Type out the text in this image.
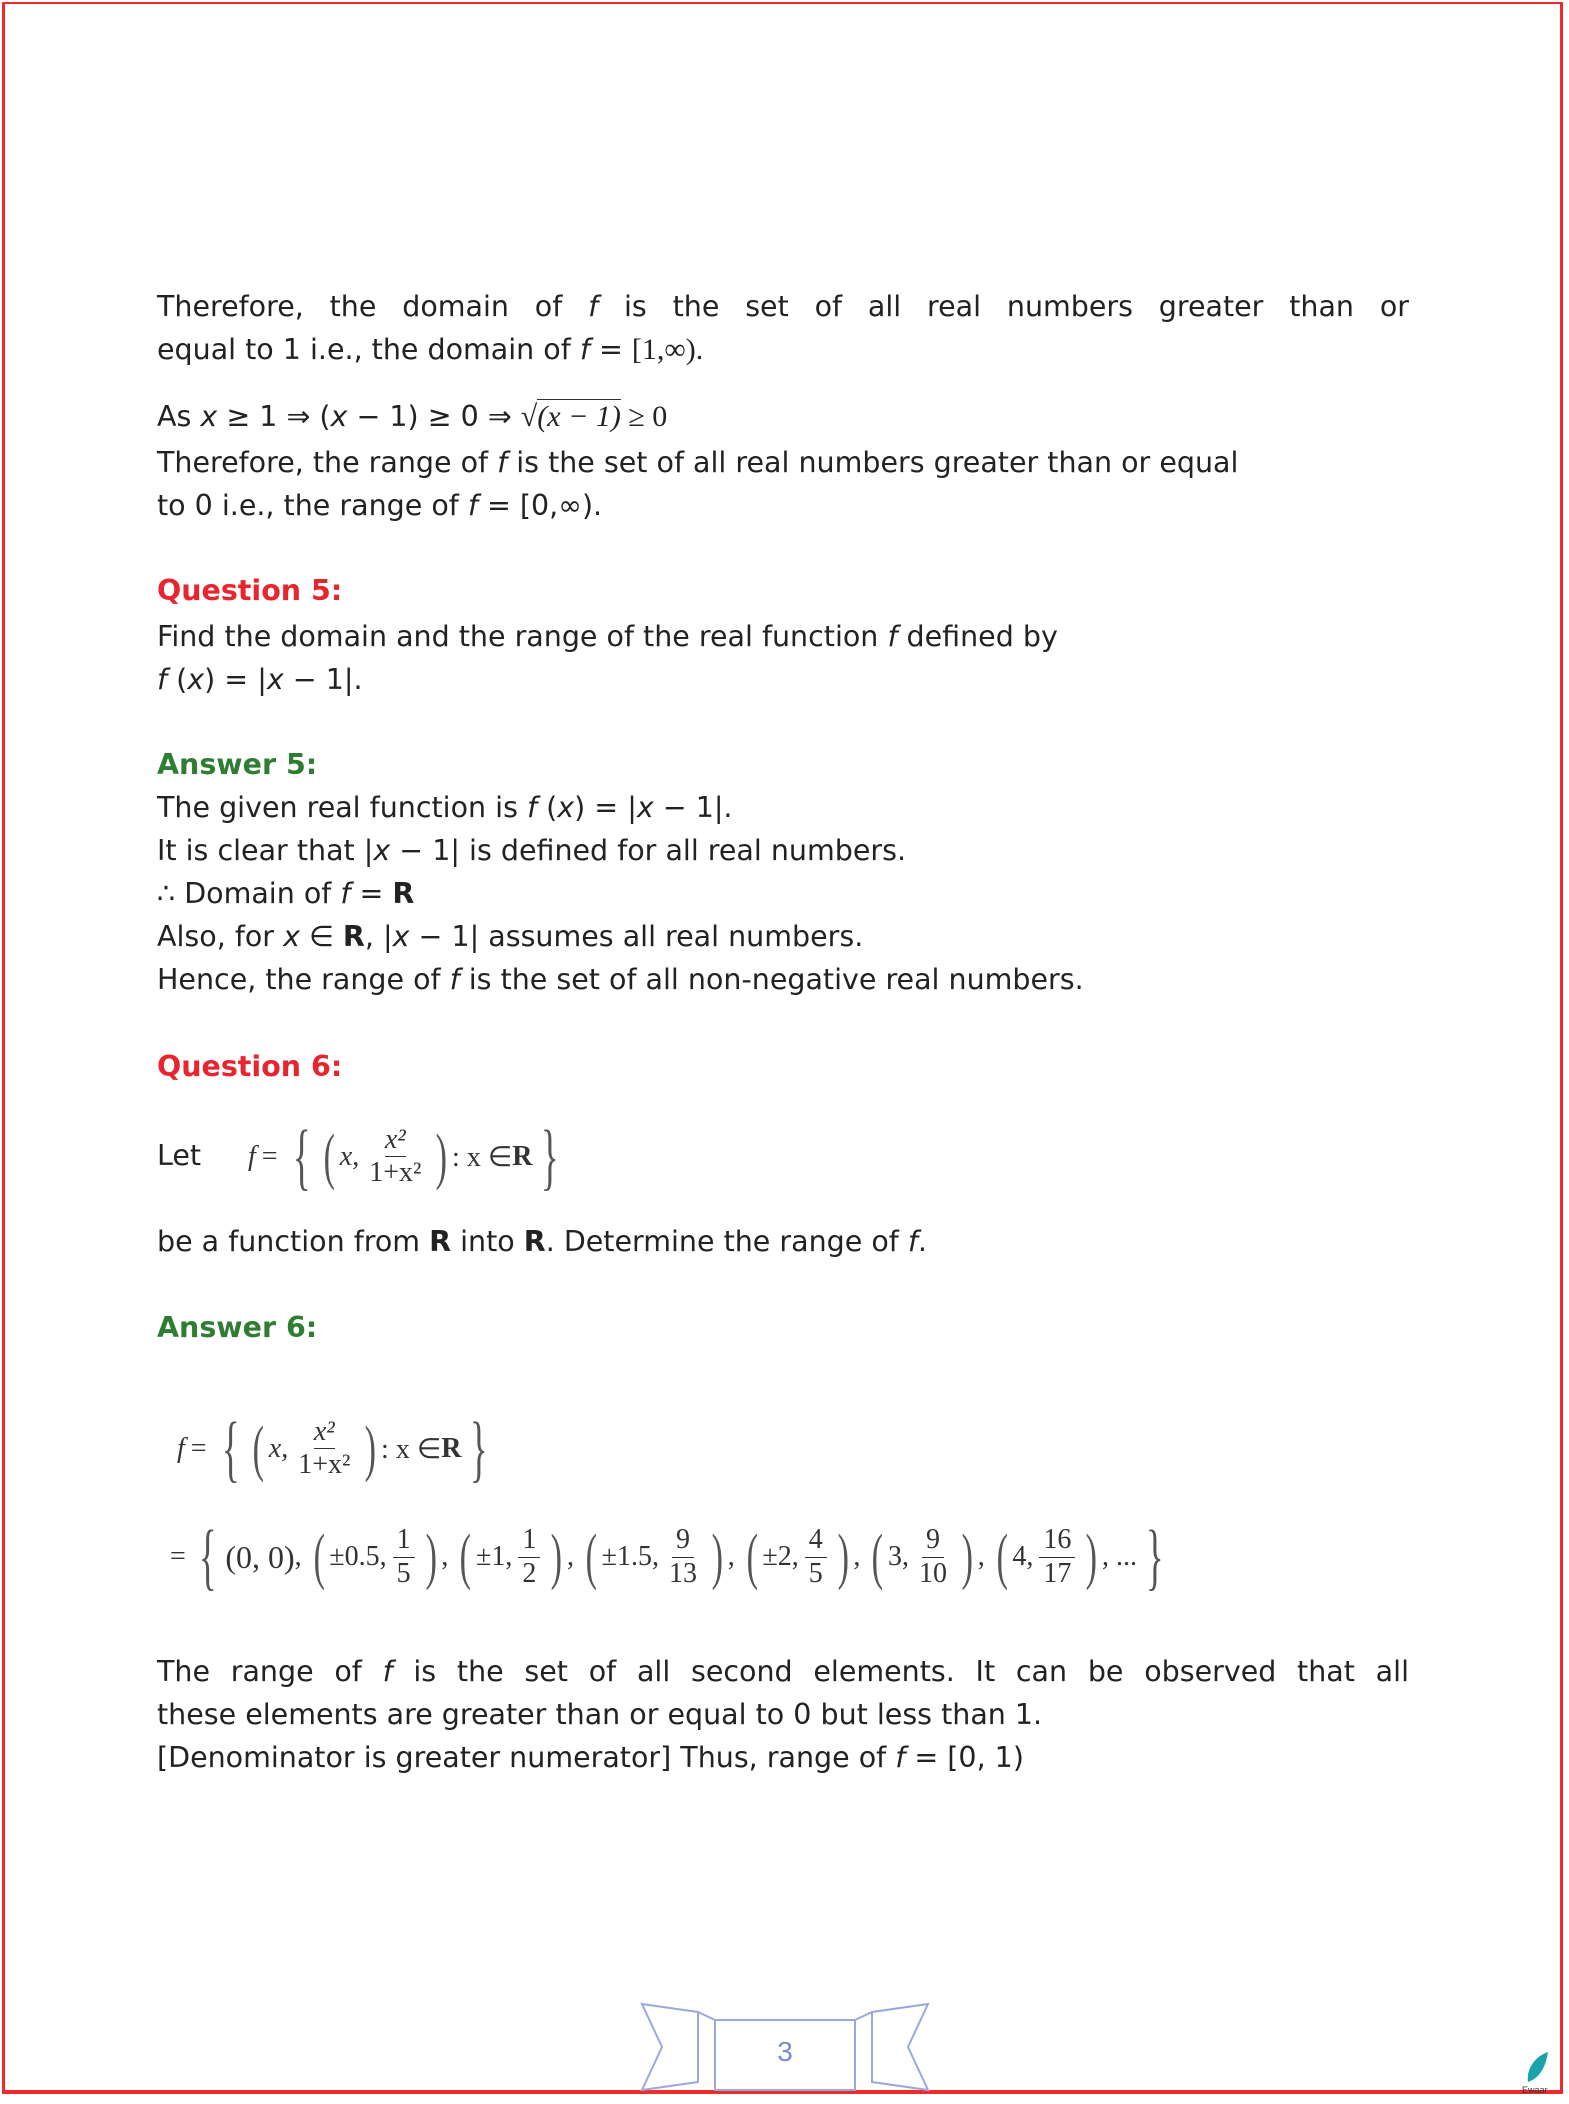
Therefore, the domain of f is the set of all real numbers greater than or
equal to 1 i.e., the domain of f = [1,∞).
As x ≥ 1 ⇒ (x − 1) ≥ 0 ⇒ √(x − 1) ≥ 0
Therefore, the range of f is the set of all real numbers greater than or equal
to 0 i.e., the range of f = [0,∞).
Question 5:
Find the domain and the range of the real function f defined by
f (x) = |x − 1|.
Answer 5:
The given real function is f (x) = |x − 1|.
It is clear that |x − 1| is defined for all real numbers.
∴ Domain of f = R
Also, for x ∈ R, |x − 1| assumes all real numbers.
Hence, the range of f is the set of all non-negative real numbers.
Question 6:
Let f = { ( x, $\frac{\text{x²}}{\text{1+x²}}$ ) : x ∈ R }
be a function from R into R. Determine the range of f.
Answer 6:
f = { ( x, $\frac{\text{x²}}{\text{1+x²}}$ ) : x ∈ R }
= { (0, 0) , ( ±0.5, $\frac{1}{5}$ ) , ( ±1, $\frac{1}{2}$ ) , ( ±1.5, $\frac{9}{13}$ ) , ( ±2, $\frac{4}{5}$ ) , ( 3, $\frac{9}{10}$ ) , ( 4, $\frac{16}{17}$ ) , ... }
The range of f is the set of all second elements. It can be observed that all
these elements are greater than or equal to 0 but less than 1.
[Denominator is greater numerator] Thus, range of f = [0, 1)
3
Ewaar
